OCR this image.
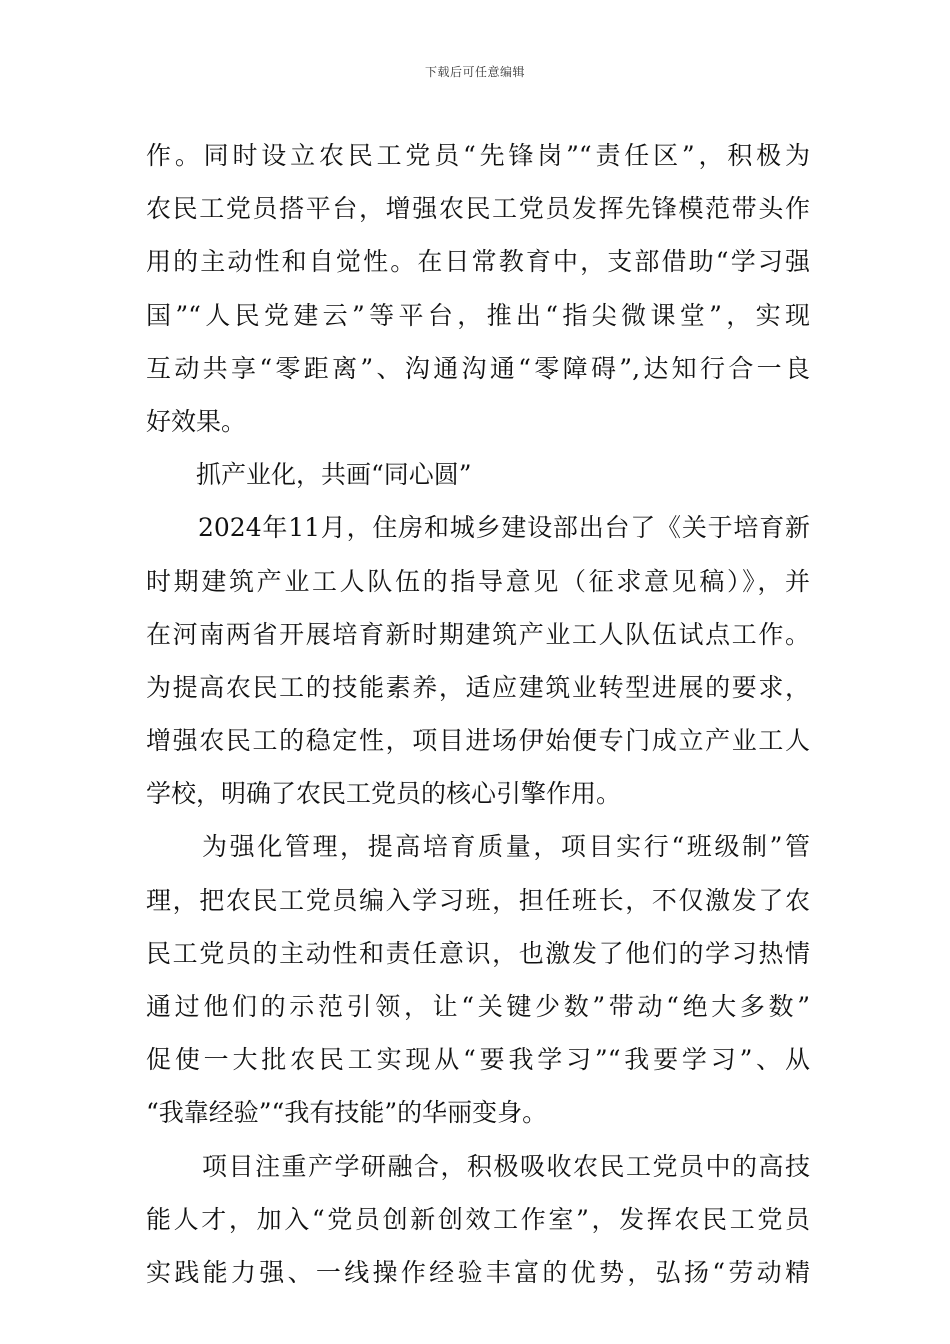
下载后可任意编辑
作。同时设立农民工党员“先锋岗”“责任区”，积极为
农民工党员搭平台，增强农民工党员发挥先锋模范带头作
用的主动性和自觉性。在日常教育中，支部借助“学习强
国”“人民党建云”等平台，推出“指尖微课堂”，实现
互动共享“零距离”、沟通沟通“零障碍”,达知行合一良
好效果。
抓产业化，共画“同心圆”
2024年11月，住房和城乡建设部出台了《关于培育新
时期建筑产业工人队伍的指导意见（征求意见稿）》，并
在河南两省开展培育新时期建筑产业工人队伍试点工作。
为提高农民工的技能素养，适应建筑业转型进展的要求，
增强农民工的稳定性，项目进场伊始便专门成立产业工人
学校，明确了农民工党员的核心引擎作用。
为强化管理，提高培育质量，项目实行“班级制”管
理，把农民工党员编入学习班，担任班长，不仅激发了农
民工党员的主动性和责任意识，也激发了他们的学习热情
通过他们的示范引领，让“关键少数”带动“绝大多数”
促使一大批农民工实现从“要我学习”“我要学习”、从
“我靠经验”“我有技能”的华丽变身。
项目注重产学研融合，积极吸收农民工党员中的高技
能人才，加入“党员创新创效工作室”，发挥农民工党员
实践能力强、一线操作经验丰富的优势，弘扬“劳动精
